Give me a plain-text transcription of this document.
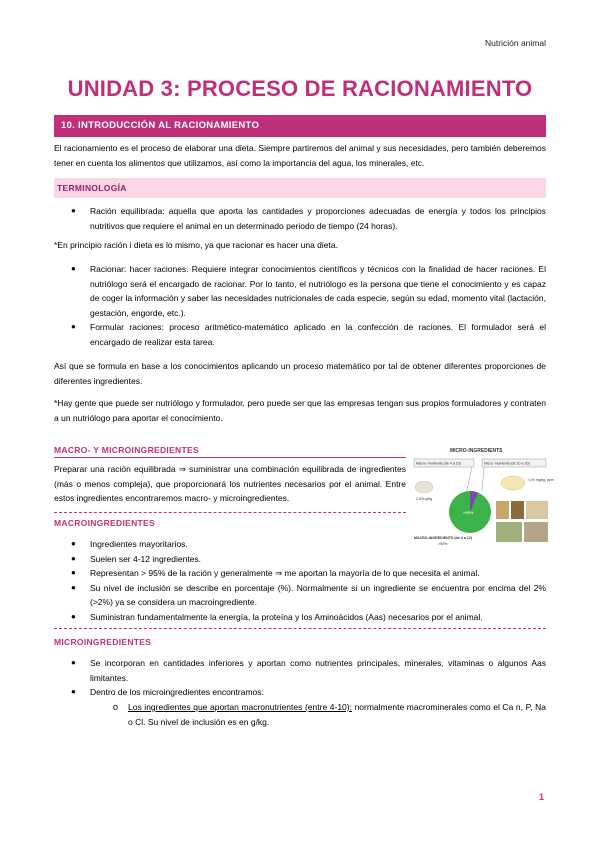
Nutrición animal
UNIDAD 3: PROCESO DE RACIONAMIENTO
10. INTRODUCCIÓN AL RACIONAMIENTO
El racionamiento es el proceso de elaborar una dieta. Siempre partiremos del animal y sus necesidades, pero también deberemos tener en cuenta los alimentos que utilizamos, así como la importancia del agua, los minerales, etc.
TERMINOLOGÍA
● Ración equilibrada: aquella que aporta las cantidades y proporciones adecuadas de energía y todos los principios nutritivos que requiere el animal en un determinado periodo de tiempo (24 horas).
*En principio ración i dieta es lo mismo, ya que racionar es hacer una dieta.
● Racionar: hacer raciones. Requiere integrar conocimientos científicos y técnicos con la finalidad de hacer raciones. El nutriólogo será el encargado de racionar. Por lo tanto, el nutriólogo es la persona que tiene el conocimiento y es capaz de coger la información y saber las necesidades nutricionales de cada especie, según su edad, momento vital (lactación, gestación, engorde, etc.).
● Formular raciones: proceso aritmético-matemático aplicado en la confección de raciones. El formulador será el encargado de realizar esta tarea.
Así que se formula en base a los conocimientos aplicando un proceso matemático por tal de obtener diferentes proporciones de diferentes ingredientes.
*Hay gente que puede ser nutriólogo y formulador, pero puede ser que las empresas tengan sus propios formuladores y contraten a un nutriólogo para aportar el conocimiento.
MACRO- Y MICROINGREDIENTES
Preparar una ración equilibrada ⇒ suministrar una combinación equilibrada de ingredientes (más o menos compleja), que proporcionará los nutrientes necesarios por el animal. Entre estos ingredientes encontraremos macro- y microingredientes.
MICRO-INGREDIENTS
Macro- Nutrients (de 4 a 10)	Micro- Nutrients (de 10 a 20)
2-5% g/kg
<1% mg/kg, ppm
>95%
MACRO-INGREDIENTS (de 4 a 12)
>95%
MACROINGREDIENTES
● Ingredientes mayoritarios.
● Suelen ser 4-12 ingredientes.
● Representan > 95% de la ración y generalmente ⇒ me aportan la mayoría de lo que necesita el animal.
● Su nivel de inclusión se describe en porcentaje (%). Normalmente si un ingrediente se encuentra por encima del 2% (>2%) ya se considera un macroingrediente.
● Suministran fundamentalmente la energía, la proteína y los Aminoácidos (Aas) necesarios por el animal.
MICROINGREDIENTES
● Se incorporan en cantidades inferiores y aportan como nutrientes principales, minerales, vitaminas o algunos Aas limitantes.
● Dentro de los microingredientes encontramos:
o Los ingredientes que aportan macronutrientes (entre 4-10): normalmente macrominerales como el Ca n, P, Na o Cl. Su nivel de inclusión es en g/kg.
1
